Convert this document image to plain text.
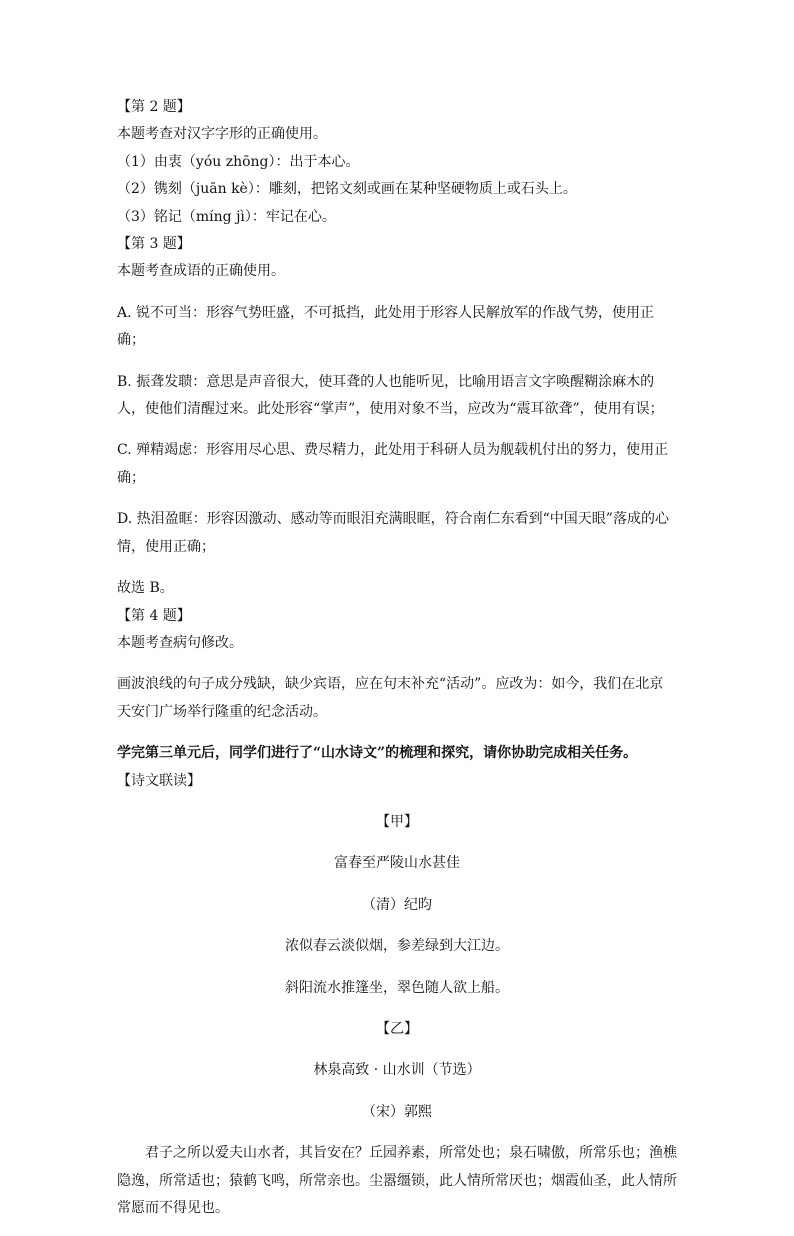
【第 2 题】

本题考查对汉字字形的正确使用。

（1）由衷（yóu zhōng）：出于本心。

（2）镌刻（juān kè）：雕刻，把铭文刻或画在某种坚硬物质上或石头上。

（3）铭记（míng jì）：牢记在心。

【第 3 题】

本题考查成语的正确使用。

A. 锐不可当：形容气势旺盛，不可抵挡，此处用于形容人民解放军的作战气势，使用正确；

B. 振聋发聩：意思是声音很大，使耳聋的人也能听见，比喻用语言文字唤醒糊涂麻木的人，使他们清醒过来。此处形容“掌声”，使用对象不当，应改为“震耳欲聋”，使用有误；

C. 殚精竭虑：形容用尽心思、费尽精力，此处用于科研人员为舰载机付出的努力，使用正确；

D. 热泪盈眶：形容因激动、感动等而眼泪充满眼眶，符合南仁东看到“中国天眼”落成的心情，使用正确；

故选 B。

【第 4 题】

本题考查病句修改。

画波浪线的句子成分残缺，缺少宾语，应在句末补充“活动”。应改为：如今，我们在北京天安门广场举行隆重的纪念活动。

学完第三单元后，同学们进行了“山水诗文”的梳理和探究，请你协助完成相关任务。

【诗文联读】

【甲】

富春至严陵山水甚佳

（清）纪昀

浓似春云淡似烟，参差绿到大江边。

斜阳流水推篷坐，翠色随人欲上船。

【乙】

林泉高致 · 山水训（节选）

（宋）郭熙

君子之所以爱夫山水者，其旨安在？丘园养素，所常处也；泉石啸傲，所常乐也；渔樵隐逸，所常适也；猿鹤飞鸣，所常亲也。尘嚣缰锁，此人情所常厌也；烟霞仙圣，此人情所常愿而不得见也。
